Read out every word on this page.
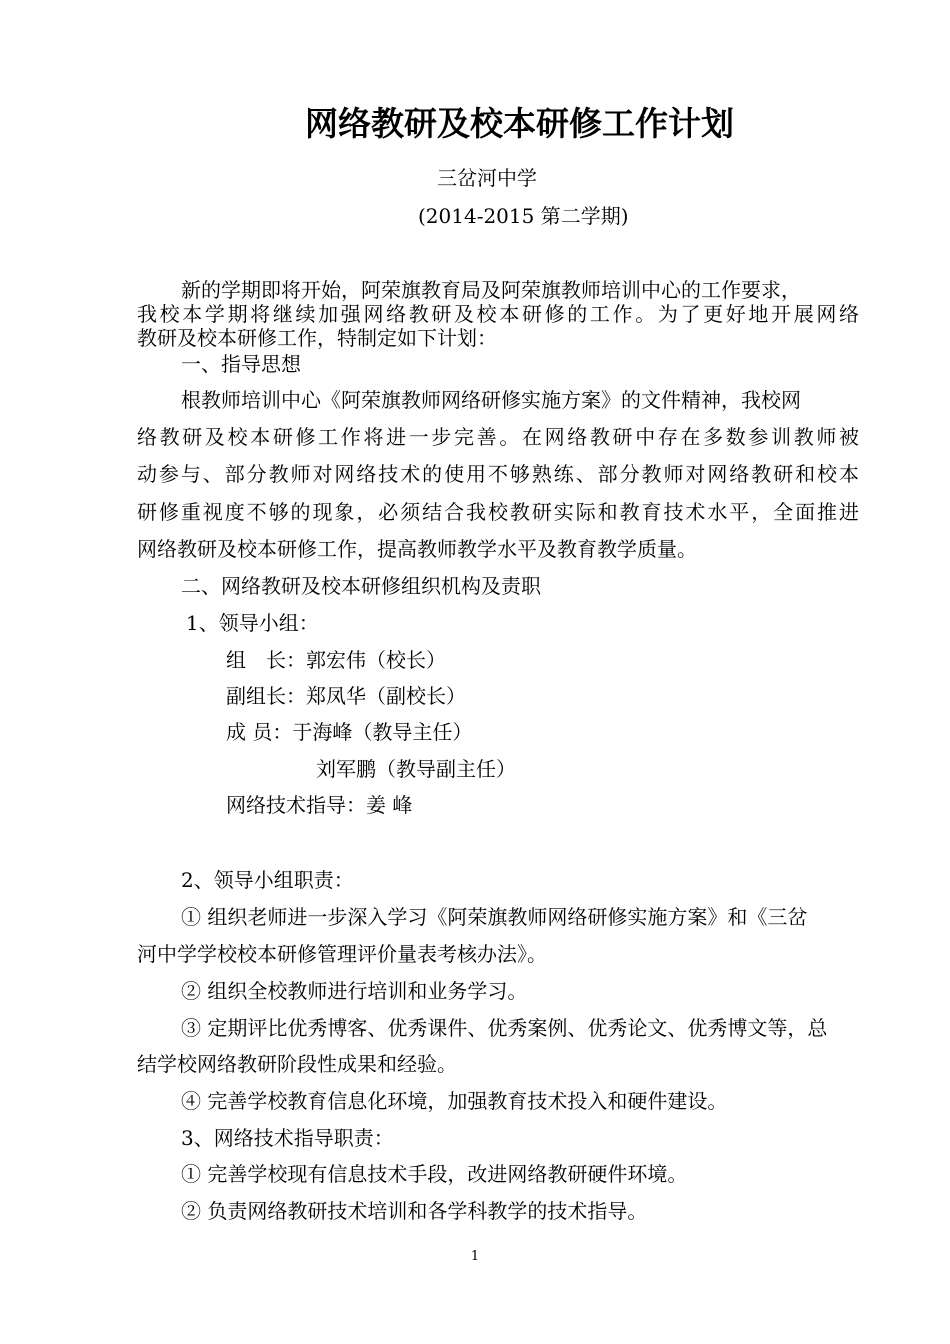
网络教研及校本研修工作计划
三岔河中学
(2014-2015 第二学期)
新的学期即将开始，阿荣旗教育局及阿荣旗教师培训中心的工作要求，
我校本学期将继续加强网络教研及校本研修的工作。为了更好地开展网络
教研及校本研修工作，特制定如下计划：
一、指导思想
根教师培训中心《阿荣旗教师网络研修实施方案》的文件精神，我校网
络教研及校本研修工作将进一步完善。在网络教研中存在多数参训教师被
动参与、部分教师对网络技术的使用不够熟练、部分教师对网络教研和校本
研修重视度不够的现象，必须结合我校教研实际和教育技术水平，全面推进
网络教研及校本研修工作，提高教师教学水平及教育教学质量。
二、网络教研及校本研修组织机构及责职
1、领导小组：
组　长：郭宏伟（校长）
副组长：郑凤华（副校长）
成 员：于海峰（教导主任）
刘军鹏（教导副主任）
网络技术指导：姜 峰
2、领导小组职责：
① 组织老师进一步深入学习《阿荣旗教师网络研修实施方案》和《三岔
河中学学校校本研修管理评价量表考核办法》。
② 组织全校教师进行培训和业务学习。
③ 定期评比优秀博客、优秀课件、优秀案例、优秀论文、优秀博文等，总
结学校网络教研阶段性成果和经验。
④ 完善学校教育信息化环境，加强教育技术投入和硬件建设。
3、网络技术指导职责：
① 完善学校现有信息技术手段，改进网络教研硬件环境。
② 负责网络教研技术培训和各学科教学的技术指导。
1
